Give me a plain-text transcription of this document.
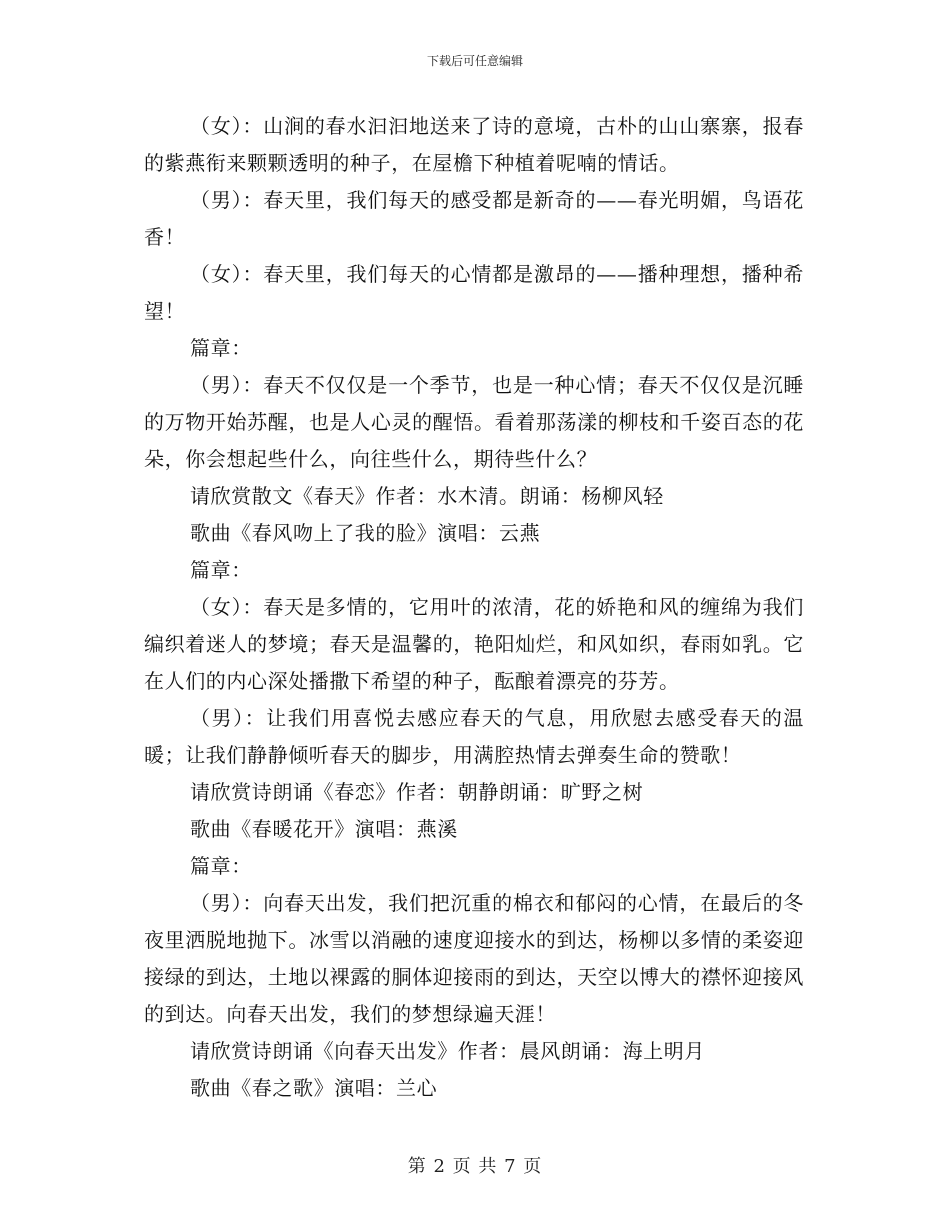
下载后可任意编辑

（女）：山涧的春水汩汩地送来了诗的意境，古朴的山山寨寨，报春的紫燕衔来颗颗透明的种子，在屋檐下种植着呢喃的情话。

（男）：春天里，我们每天的感受都是新奇的——春光明媚，鸟语花香！

（女）：春天里，我们每天的心情都是激昂的——播种理想，播种希望！

篇章：

（男）：春天不仅仅是一个季节，也是一种心情；春天不仅仅是沉睡的万物开始苏醒，也是人心灵的醒悟。看着那荡漾的柳枝和千姿百态的花朵，你会想起些什么，向往些什么，期待些什么？

请欣赏散文《春天》作者：水木清。朗诵：杨柳风轻

歌曲《春风吻上了我的脸》演唱：云燕

篇章：

（女）：春天是多情的，它用叶的浓清，花的娇艳和风的缠绵为我们编织着迷人的梦境；春天是温馨的，艳阳灿烂，和风如织，春雨如乳。它在人们的内心深处播撒下希望的种子，酝酿着漂亮的芬芳。

（男）：让我们用喜悦去感应春天的气息，用欣慰去感受春天的温暖；让我们静静倾听春天的脚步，用满腔热情去弹奏生命的赞歌！

请欣赏诗朗诵《春恋》作者：朝静朗诵：旷野之树

歌曲《春暖花开》演唱：燕溪

篇章：

（男）：向春天出发，我们把沉重的棉衣和郁闷的心情，在最后的冬夜里洒脱地抛下。冰雪以消融的速度迎接水的到达，杨柳以多情的柔姿迎接绿的到达，土地以裸露的胴体迎接雨的到达，天空以博大的襟怀迎接风的到达。向春天出发，我们的梦想绿遍天涯！

请欣赏诗朗诵《向春天出发》作者：晨风朗诵：海上明月

歌曲《春之歌》演唱：兰心

第 2 页 共 7 页
